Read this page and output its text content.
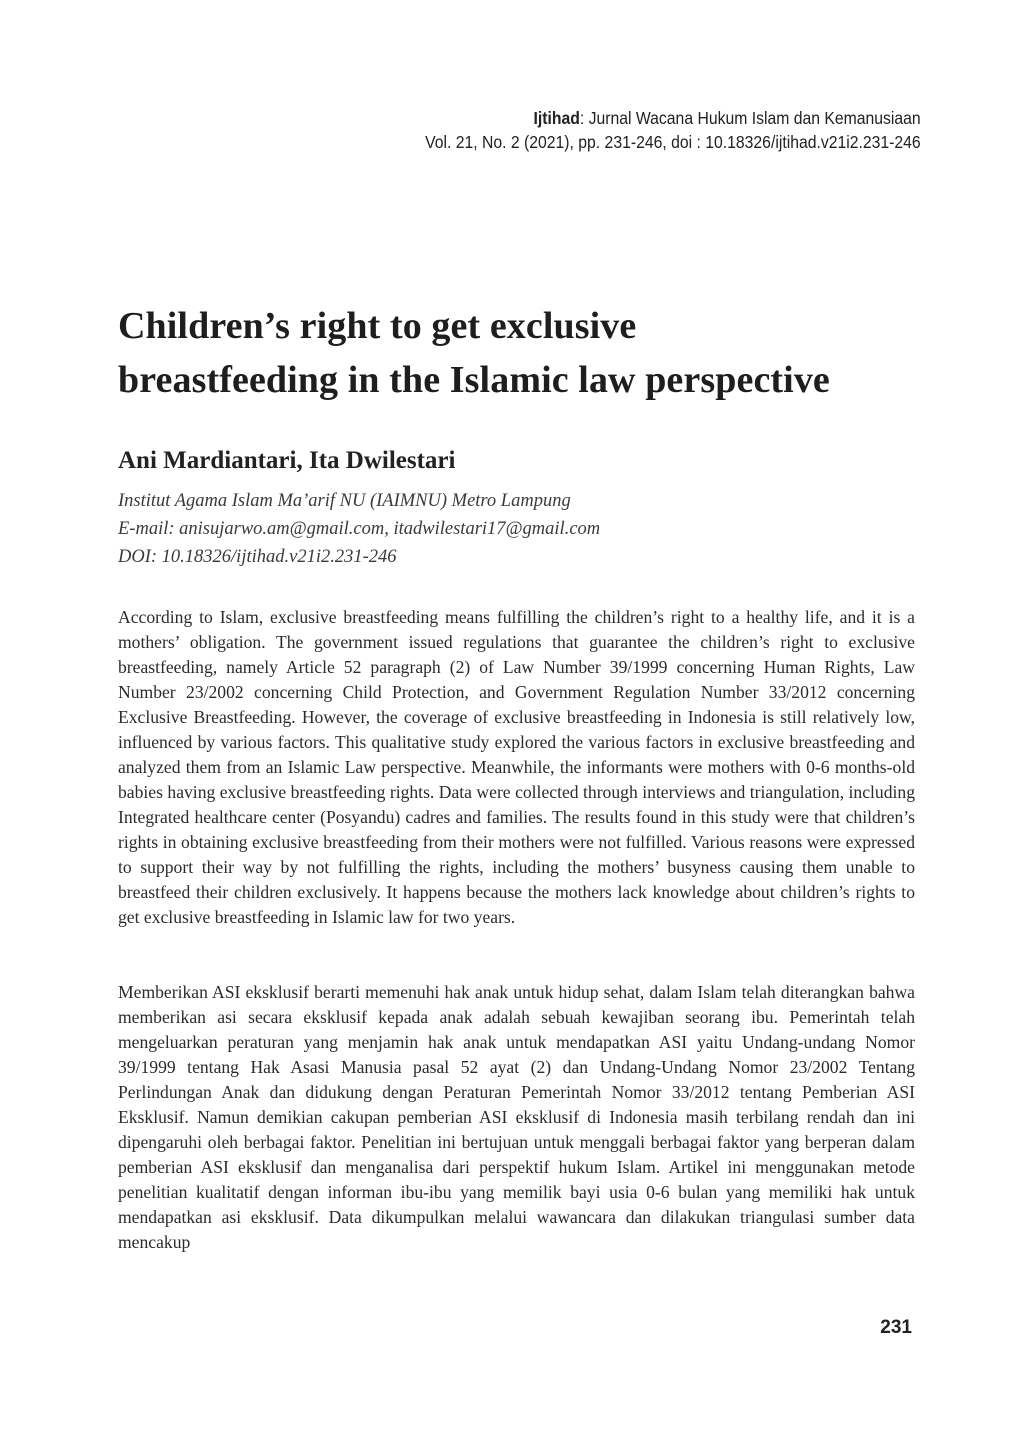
Ijtihad: Jurnal Wacana Hukum Islam dan Kemanusiaan
Vol. 21, No. 2 (2021), pp. 231-246, doi : 10.18326/ijtihad.v21i2.231-246
Children’s right to get exclusive
breastfeeding in the Islamic law perspective
Ani Mardiantari, Ita Dwilestari
Institut Agama Islam Ma’arif NU (IAIMNU) Metro Lampung
E-mail: anisujarwo.am@gmail.com, itadwilestari17@gmail.com
DOI: 10.18326/ijtihad.v21i2.231-246

According to Islam, exclusive breastfeeding means fulfilling the children’s right to a healthy life, and it is a mothers’ obligation. The government issued regulations that guarantee the children’s right to exclusive breastfeeding, namely Article 52 paragraph (2) of Law Number 39/1999 concerning Human Rights, Law Number 23/2002 concerning Child Protection, and Government Regulation Number 33/2012 concerning Exclusive Breastfeeding. However, the coverage of exclusive breastfeeding in Indonesia is still relatively low, influenced by various factors. This qualitative study explored the various factors in exclusive breastfeeding and analyzed them from an Islamic Law perspective. Meanwhile, the informants were mothers with 0-6 months-old babies having exclusive breastfeeding rights. Data were collected through interviews and triangulation, including Integrated healthcare center (Posyandu) cadres and families. The results found in this study were that children’s rights in obtaining exclusive breastfeeding from their mothers were not fulfilled. Various reasons were expressed to support their way by not fulfilling the rights, including the mothers’ busyness causing them unable to breastfeed their children exclusively. It happens because the mothers lack knowledge about children’s rights to get exclusive breastfeeding in Islamic law for two years.

Memberikan ASI eksklusif berarti memenuhi hak anak untuk hidup sehat, dalam Islam telah diterangkan bahwa memberikan asi secara eksklusif kepada anak adalah sebuah kewajiban seorang ibu. Pemerintah telah mengeluarkan peraturan yang menjamin hak anak untuk mendapatkan ASI yaitu Undang-undang Nomor 39/1999 tentang Hak Asasi Manusia pasal 52 ayat (2) dan Undang-Undang Nomor 23/2002 Tentang Perlindungan Anak dan didukung dengan Peraturan Pemerintah Nomor 33/2012 tentang Pemberian ASI Eksklusif. Namun demikian cakupan pemberian ASI eksklusif di Indonesia masih terbilang rendah dan ini dipengaruhi oleh berbagai faktor. Penelitian ini bertujuan untuk menggali berbagai faktor yang berperan dalam pemberian ASI eksklusif dan menganalisa dari perspektif hukum Islam. Artikel ini menggunakan metode penelitian kualitatif dengan informan ibu-ibu yang memilik bayi usia 0-6 bulan yang memiliki hak untuk mendapatkan asi eksklusif. Data dikumpulkan melalui wawancara dan dilakukan triangulasi sumber data mencakup

231
